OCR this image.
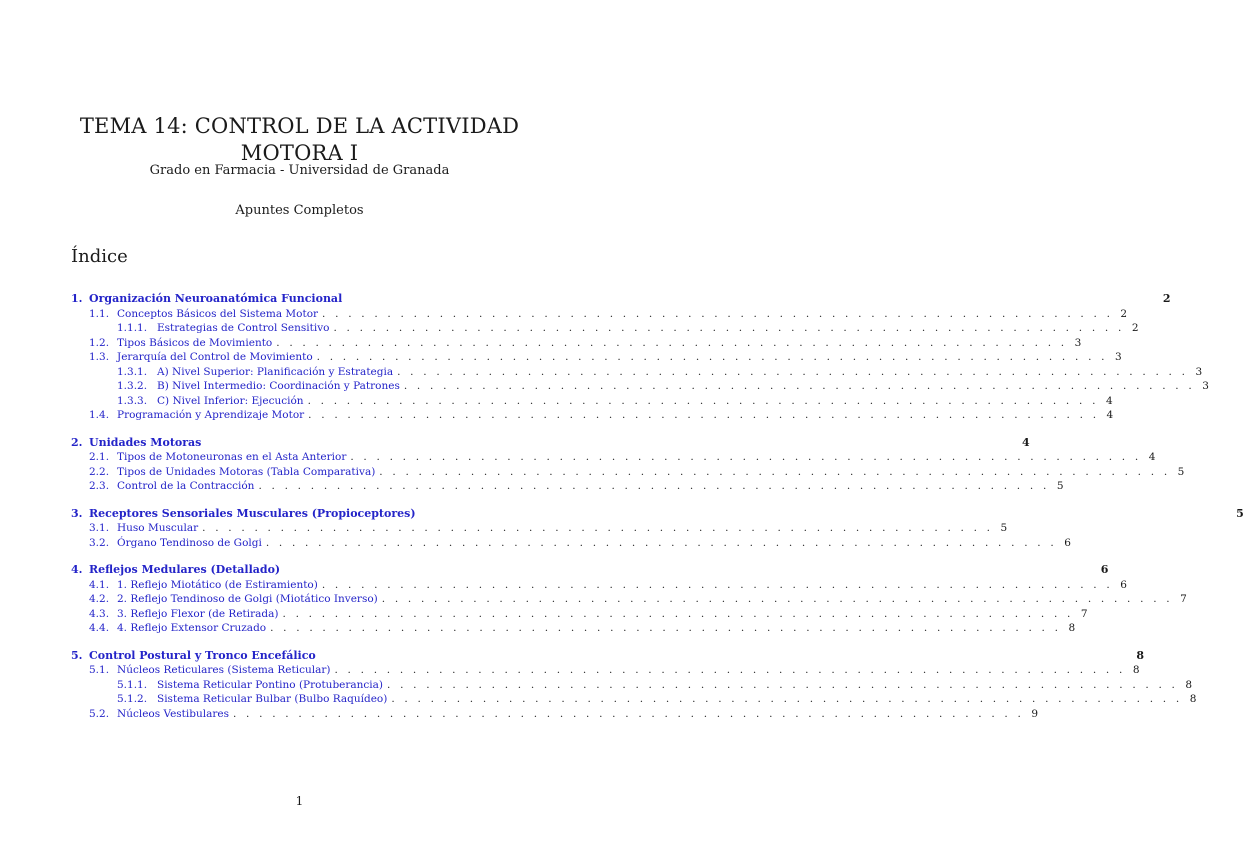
TEMA 14: CONTROL DE LA ACTIVIDAD
MOTORA I
Grado en Farmacia - Universidad de Granada
Apuntes Completos
Índice
1. Organización Neuroanatómica Funcional	2
1.1. Conceptos Básicos del Sistema Motor . . . . . . . . . . . . . . . . . . . . . . . . . . . . . . . . . . . . . . . . . . . . . . . . . . . . . . . . . . . . . 2
1.1.1. Estrategias de Control Sensitivo . . . . . . . . . . . . . . . . . . . . . . . . . . . . . . . . . . . . . . . . . . . . . . . . . . . . . . . . . . . . . 2
1.2. Tipos Básicos de Movimiento . . . . . . . . . . . . . . . . . . . . . . . . . . . . . . . . . . . . . . . . . . . . . . . . . . . . . . . . . . . . . 3
1.3. Jerarquía del Control de Movimiento . . . . . . . . . . . . . . . . . . . . . . . . . . . . . . . . . . . . . . . . . . . . . . . . . . . . . . . . . . . . . 3
1.3.1. A) Nivel Superior: Planificación y Estrategia . . . . . . . . . . . . . . . . . . . . . . . . . . . . . . . . . . . . . . . . . . . . . . . . . . . . . . . . . . . . . 3
1.3.2. B) Nivel Intermedio: Coordinación y Patrones . . . . . . . . . . . . . . . . . . . . . . . . . . . . . . . . . . . . . . . . . . . . . . . . . . . . . . . . . . . . . 3
1.3.3. C) Nivel Inferior: Ejecución . . . . . . . . . . . . . . . . . . . . . . . . . . . . . . . . . . . . . . . . . . . . . . . . . . . . . . . . . . . . . 4
1.4. Programación y Aprendizaje Motor . . . . . . . . . . . . . . . . . . . . . . . . . . . . . . . . . . . . . . . . . . . . . . . . . . . . . . . . . . . . . 4
2. Unidades Motoras	4
2.1. Tipos de Motoneuronas en el Asta Anterior . . . . . . . . . . . . . . . . . . . . . . . . . . . . . . . . . . . . . . . . . . . . . . . . . . . . . . . . . . . . . 4
2.2. Tipos de Unidades Motoras (Tabla Comparativa) . . . . . . . . . . . . . . . . . . . . . . . . . . . . . . . . . . . . . . . . . . . . . . . . . . . . . . . . . . . . . 5
2.3. Control de la Contracción . . . . . . . . . . . . . . . . . . . . . . . . . . . . . . . . . . . . . . . . . . . . . . . . . . . . . . . . . . . . . 5
3. Receptores Sensoriales Musculares (Propioceptores)	5
3.1. Huso Muscular . . . . . . . . . . . . . . . . . . . . . . . . . . . . . . . . . . . . . . . . . . . . . . . . . . . . . . . . . . . . . 5
3.2. Órgano Tendinoso de Golgi . . . . . . . . . . . . . . . . . . . . . . . . . . . . . . . . . . . . . . . . . . . . . . . . . . . . . . . . . . . . . 6
4. Reflejos Medulares (Detallado)	6
4.1. 1. Reflejo Miotático (de Estiramiento) . . . . . . . . . . . . . . . . . . . . . . . . . . . . . . . . . . . . . . . . . . . . . . . . . . . . . . . . . . . . . 6
4.2. 2. Reflejo Tendinoso de Golgi (Miotático Inverso) . . . . . . . . . . . . . . . . . . . . . . . . . . . . . . . . . . . . . . . . . . . . . . . . . . . . . . . . . . . . . 7
4.3. 3. Reflejo Flexor (de Retirada) . . . . . . . . . . . . . . . . . . . . . . . . . . . . . . . . . . . . . . . . . . . . . . . . . . . . . . . . . . . . . 7
4.4. 4. Reflejo Extensor Cruzado . . . . . . . . . . . . . . . . . . . . . . . . . . . . . . . . . . . . . . . . . . . . . . . . . . . . . . . . . . . . . 8
5. Control Postural y Tronco Encefálico	8
5.1. Núcleos Reticulares (Sistema Reticular) . . . . . . . . . . . . . . . . . . . . . . . . . . . . . . . . . . . . . . . . . . . . . . . . . . . . . . . . . . . . . 8
5.1.1. Sistema Reticular Pontino (Protuberancia) . . . . . . . . . . . . . . . . . . . . . . . . . . . . . . . . . . . . . . . . . . . . . . . . . . . . . . . . . . . . . 8
5.1.2. Sistema Reticular Bulbar (Bulbo Raquídeo) . . . . . . . . . . . . . . . . . . . . . . . . . . . . . . . . . . . . . . . . . . . . . . . . . . . . . . . . . . . . . 8
5.2. Núcleos Vestibulares . . . . . . . . . . . . . . . . . . . . . . . . . . . . . . . . . . . . . . . . . . . . . . . . . . . . . . . . . . . . . 9
1
